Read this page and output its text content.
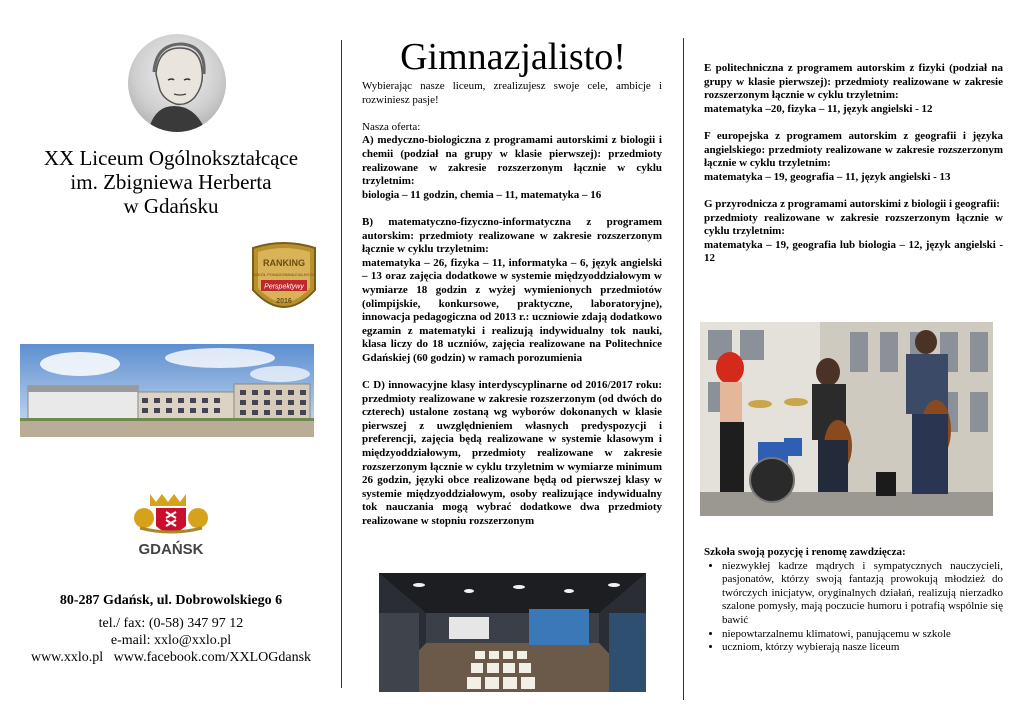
XX Liceum Ogólnokształcące
im. Zbigniewa Herberta
w Gdańsku
RANKING
SZKÓŁ PONADGIMNAZJALNYCH
Perspektywy
2016
GDAŃSK
80-287 Gdańsk, ul. Dobrowolskiego 6
tel./ fax: (0-58) 347 97 12
e-mail: xxlo@xxlo.pl
www.xxlo.pl   www.facebook.com/XXLOGdansk
Gimnazjalisto!

Wybierając nasze liceum, zrealizujesz swoje cele, ambicje i rozwiniesz pasje!

Nasza oferta:

A) medyczno-biologiczna z programami autorskimi z biologii i chemii (podział na grupy w klasie pierwszej): przedmioty realizowane w zakresie rozszerzonym łącznie w cyklu trzyletnim:
biologia – 11 godzin, chemia – 11, matematyka – 16

B) matematyczno-fizyczno-informatyczna z programem autorskim: przedmioty realizowane w zakresie rozszerzonym łącznie w cyklu trzyletnim:
matematyka – 26, fizyka – 11, informatyka – 6, język angielski – 13 oraz zajęcia dodatkowe w systemie międzyoddziałowym w wymiarze 18 godzin z wyżej wymienionych przedmiotów (olimpijskie, konkursowe, praktyczne, laboratoryjne), innowacja pedagogiczna od 2013 r.: uczniowie zdają dodatkowo egzamin z matematyki i realizują indywidualny tok nauki, klasa liczy do 18 uczniów, zajęcia realizowane na Politechnice Gdańskiej (60 godzin) w ramach porozumienia

C D) innowacyjne klasy interdyscyplinarne od 2016/2017 roku: przedmioty realizowane w zakresie rozszerzonym (od dwóch do czterech) ustalone zostaną wg wyborów dokonanych w klasie pierwszej z uwzględnieniem własnych predyspozycji i preferencji, zajęcia będą realizowane w systemie klasowym i międzyoddziałowym, przedmioty realizowane w zakresie rozszerzonym łącznie w cyklu trzyletnim w wymiarze minimum 26 godzin, języki obce realizowane będą od pierwszej klasy w systemie międzyoddziałowym, osoby realizujące indywidualny tok nauczania mogą wybrać dodatkowe dwa przedmioty realizowane w stopniu rozszerzonym

E politechniczna z programem autorskim z fizyki (podział na grupy w klasie pierwszej): przedmioty realizowane w zakresie rozszerzonym łącznie w cyklu trzyletnim:
matematyka –20, fizyka – 11, język angielski - 12

F europejska z programem autorskim z geografii i języka angielskiego: przedmioty realizowane w zakresie rozszerzonym łącznie w cyklu trzyletnim:
matematyka – 19, geografia – 11, język angielski - 13

G przyrodnicza z programami autorskimi z biologii i geografii:
przedmioty realizowane w zakresie rozszerzonym łącznie w cyklu trzyletnim:
matematyka – 19, geografia lub biologia – 12, język angielski - 12

Szkoła swoją pozycję i renomę zawdzięcza:
• niezwykłej kadrze mądrych i sympatycznych nauczycieli, pasjonatów, którzy swoją fantazją prowokują młodzież do twórczych inicjatyw, oryginalnych działań, realizują nierzadko szalone pomysły, mają poczucie humoru i potrafią wspólnie się bawić
• niepowtarzalnemu klimatowi, panującemu w szkole
• uczniom, którzy wybierają nasze liceum
